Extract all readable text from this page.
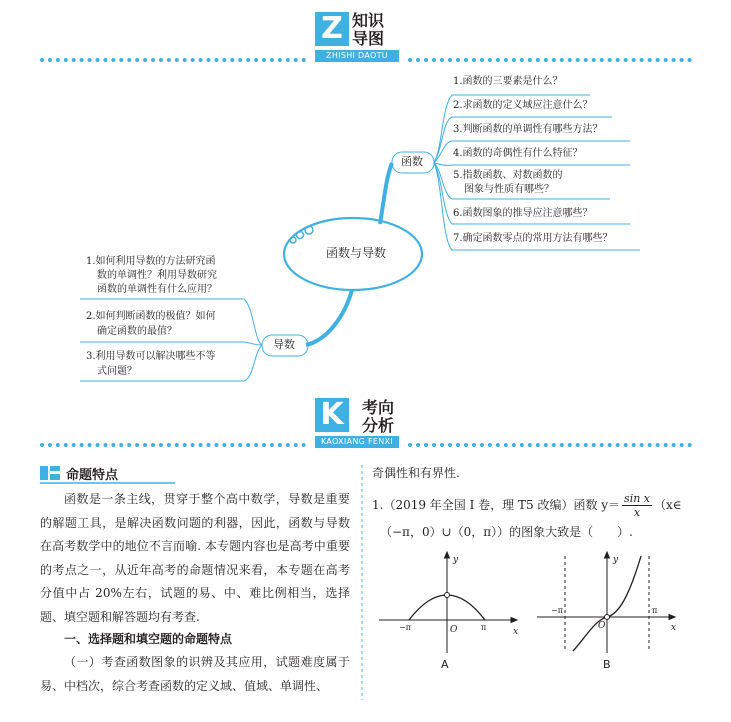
Z 知识
导图
ZHISHI DAOTU
函数与导数
函数
导数
1.函数的三要素是什么？
2.求函数的定义域应注意什么？
3.判断函数的单调性有哪些方法？
4.函数的奇偶性有什么特征？
5.指数函数、对数函数的
图象与性质有哪些？
6.函数图象的推导应注意哪些？
7.确定函数零点的常用方法有哪些？
1.如何利用导数的方法研究函
数的单调性？利用导数研究
函数的单调性有什么应用？
2.如何判断函数的极值？如何
确定函数的最值？
3.利用导数可以解决哪些不等
式问题？
K	考向
分析
KAOXIANG FENXI
命题特点
函数是一条主线，贯穿于整个高中数学，导数是重要的解题工具，是解决函数问题的利器，因此，函数与导数在高考数学中的地位不言而喻. 本专题内容也是高考中重要的考点之一，从近年高考的命题情况来看，本专题在高考分值中占 20%左右，试题的易、中、难比例相当，选择题、填空题和解答题均有考查.
一、选择题和填空题的命题特点
（一）考查函数图象的识辨及其应用，试题难度属于易、中档次，综合考查函数的定义域、值域、单调性、
奇偶性和有界性.
1.（2019 年全国 Ⅰ 卷，理 T5 改编）函数 $y= \frac{\text{sin x}}{x}$ （x∈
（−π，0）∪（0，π））的图象大致是（　　）.
y
x
O
−π	π
A
y
x
O
−π	π
B
